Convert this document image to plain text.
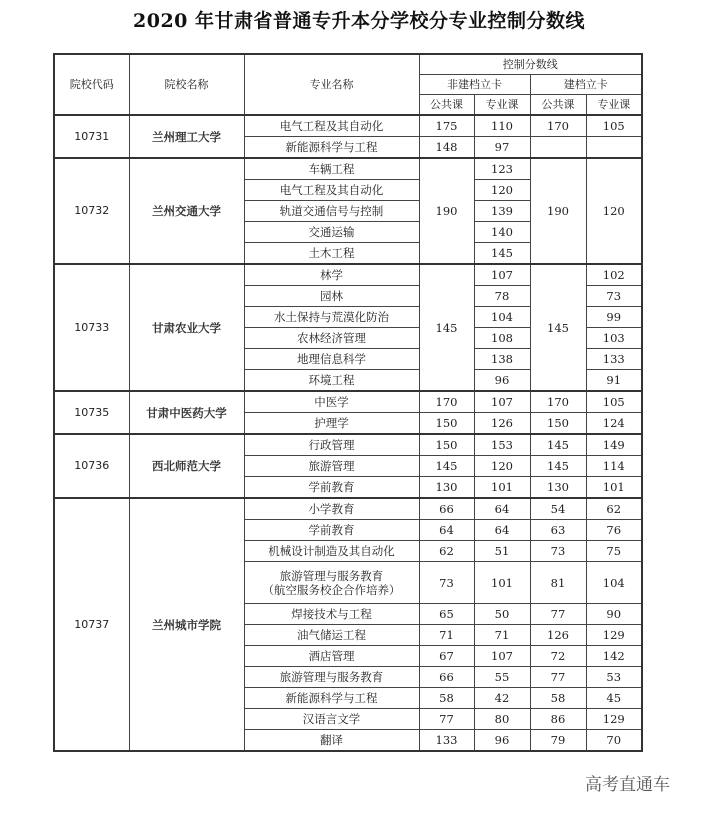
2020 年甘肃省普通专升本分学校分专业控制分数线
院校代码	院校名称	专业名称	控制分数线			
			非建档立卡		建档立卡	
			公共课	专业课	公共课	专业课
10731	兰州理工大学	电气工程及其自动化	175	110	170	105
		新能源科学与工程	148	97		
10732	兰州交通大学	车辆工程	190	123	190	120
		电气工程及其自动化		120		
		轨道交通信号与控制		139		
		交通运输		140		
		土木工程		145		
10733	甘肃农业大学	林学	145	107	145	102
		园林		78		73
		水土保持与荒漠化防治		104		99
		农林经济管理		108		103
		地理信息科学		138		133
		环境工程		96		91
10735	甘肃中医药大学	中医学	170	107	170	105
		护理学	150	126	150	124
10736	西北师范大学	行政管理	150	153	145	149
		旅游管理	145	120	145	114
		学前教育	130	101	130	101
10737	兰州城市学院	小学教育	66	64	54	62
		学前教育	64	64	63	76
		机械设计制造及其自动化	62	51	73	75
		旅游管理与服务教育
（航空服务校企合作培养）	73	101	81	104
		焊接技术与工程	65	50	77	90
		油气储运工程	71	71	126	129
		酒店管理	67	107	72	142
		旅游管理与服务教育	66	55	77	53
		新能源科学与工程	58	42	58	45
		汉语言文学	77	80	86	129
		翻译	133	96	79	70
高考直通车
